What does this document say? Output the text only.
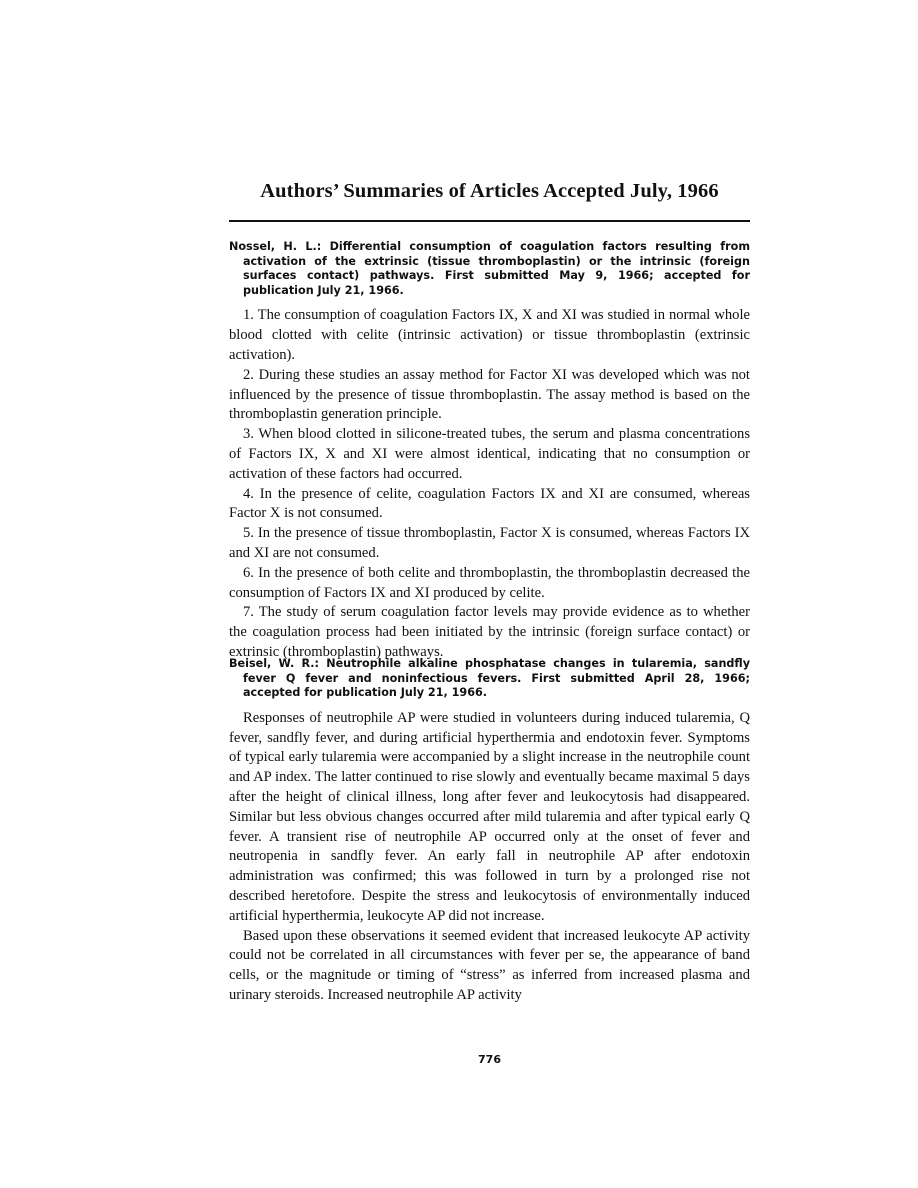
Authors’ Summaries of Articles Accepted July, 1966

Nossel, H. L.: Differential consumption of coagulation factors resulting from activation of the extrinsic (tissue thromboplastin) or the intrinsic (foreign surfaces contact) pathways. First submitted May 9, 1966; accepted for publication July 21, 1966.

1. The consumption of coagulation Factors IX, X and XI was studied in normal whole blood clotted with celite (intrinsic activation) or tissue thromboplastin (extrinsic activation).

2. During these studies an assay method for Factor XI was developed which was not influenced by the presence of tissue thromboplastin. The assay method is based on the thromboplastin generation principle.

3. When blood clotted in silicone-treated tubes, the serum and plasma concentrations of Factors IX, X and XI were almost identical, indicating that no consumption or activation of these factors had occurred.

4. In the presence of celite, coagulation Factors IX and XI are consumed, whereas Factor X is not consumed.

5. In the presence of tissue thromboplastin, Factor X is consumed, whereas Factors IX and XI are not consumed.

6. In the presence of both celite and thromboplastin, the thromboplastin decreased the consumption of Factors IX and XI produced by celite.

7. The study of serum coagulation factor levels may provide evidence as to whether the coagulation process had been initiated by the intrinsic (foreign surface contact) or extrinsic (thromboplastin) pathways.

Beisel, W. R.: Neutrophile alkaline phosphatase changes in tularemia, sandfly fever Q fever and noninfectious fevers. First submitted April 28, 1966; accepted for publication July 21, 1966.

Responses of neutrophile AP were studied in volunteers during induced tularemia, Q fever, sandfly fever, and during artificial hyperthermia and endotoxin fever. Symptoms of typical early tularemia were accompanied by a slight increase in the neutrophile count and AP index. The latter continued to rise slowly and eventually became maximal 5 days after the height of clinical illness, long after fever and leukocytosis had disappeared. Similar but less obvious changes occurred after mild tularemia and after typical early Q fever. A transient rise of neutrophile AP occurred only at the onset of fever and neutropenia in sandfly fever. An early fall in neutrophile AP after endotoxin administration was confirmed; this was followed in turn by a prolonged rise not described heretofore. Despite the stress and leukocytosis of environmentally induced artificial hyperthermia, leukocyte AP did not increase.

Based upon these observations it seemed evident that increased leukocyte AP activity could not be correlated in all circumstances with fever per se, the appearance of band cells, or the magnitude or timing of “stress” as inferred from increased plasma and urinary steroids. Increased neutrophile AP activity

776
